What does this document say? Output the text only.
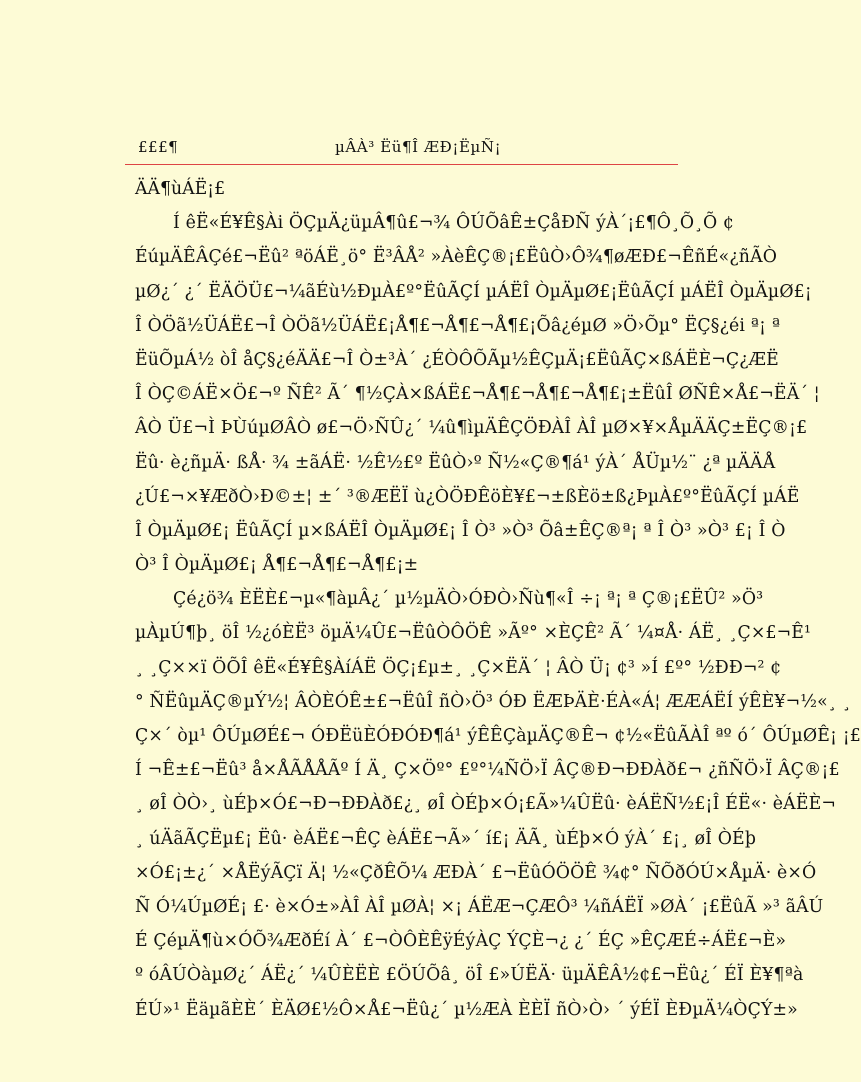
£££¶	µÂÀ³ Ëü¶Î ÆÐ¡ËµÑ¡
ÄÄ¶ùÁË¡£
Í êË«É¥Ê§Ài ÖÇµÄ¿üµÂ¶û£¬¾ ÔÚÕâÊ±ÇåÐÑ ýÀ´¡£¶Ô¸Õ¸Õ ¢
ÉúµÄÊÂÇé£¬Ëû² ªöÁË¸ö° Ë³ÂÅ² »ÀèÊÇ®¡£ËûÒ›Ô¾¶øÆÐ£¬ÊñÉ«¿ñÃÒ
µØ¿´ ¿´ ËÄÖÜ£¬¼ãÉù½ÐµÀ£º°ËûÃÇÍ µÁËÎ ÒµÄµØ£¡ËûÃÇÍ µÁËÎ ÒµÄµØ£¡
Î ÒÖã½ÜÁË£¬Î ÒÖã½ÜÁË£¡Å¶£¬Å¶£¬Å¶£¡Õâ¿éµØ »Ö›Õµ° ËÇ§¿éi ª¡ ª
ËüÕµÁ½ òÎ åÇ§¿éÄÄ£¬Î Ò±³À´ ¿ÉÒÔÕÃµ½ÊÇµÄ¡£ËûÃÇ×ßÁËÈ¬Ç¿ÆË
Î ÒÇ©ÁË×Ö£¬º ÑÊ² Ã´ ¶½ÇÀ×ßÁË£¬Å¶£¬Å¶£¬Å¶£¡±ËûÎ ØÑÊ×Å£¬ËÄ´ ¦
ÂÒ Ü£¬Ì ÞÙúµØÂÒ ø£¬Ö›ÑÛ¿´ ¼û¶ìµÄÊÇÖÐÀÎ ÀÎ µØ×¥×ÅµÄÄÇ±ËÇ®¡£
Ëû· è¿ñµÄ· ßÅ· ¾ ±ãÁË· ½Ê½£º ËûÒ›º Ñ½«Ç®¶á¹ ýÀ´ ÅÜµ½¨ ¿ª µÄÄÅ
¿Ú£¬×¥ÆðÒ›Ð©±¦ ±´ ³®ÆËÏ ù¿ÒÖÐÊöÈ¥£¬±ßÈö±ß¿ÞµÀ£º°ËûÃÇÍ µÁË
Î ÒµÄµØ£¡ ËûÃÇÍ µ×ßÁËÎ ÒµÄµØ£¡ Î Ò³ »Ò³ Õâ±ÊÇ®ª¡ ª Î Ò³ »Ò³ £¡ Î Ò
Ò³ Î ÒµÄµØ£¡ Å¶£¬Å¶£¬Å¶£¡±
Çé¿ö¾ ÈËÈ£¬µ«¶àµÂ¿´ µ½µÄÒ›ÓÐÒ›Ñù¶«Î ÷¡ ª¡ ª Ç®¡£ËÛ² »Ö³
µÀµÚ¶þ¸ öÎ ½¿óÈË³ öµÄ¼Û£¬ËûÒÔÖÊ »Ãº° ×ÈÇÊ² Ã´ ¼¤Å· ÁË¸ ¸Ç×£¬Ê¹
¸ ¸Ç××ï ÖÕÎ êË«É¥Ê§ÀíÁË ÖÇ¡£µ±¸ ¸Ç×ËÄ´ ¦ ÂÒ Ü¡ ¢³ »Í £º° ½ÐÐ¬² ¢
° ÑËûµÄÇ®µÝ½¦ ÂÒÈÓÊ±£¬ËûÎ ñÒ›Ö³ ÓÐ ËÆÞÄÈ·ÉÀ«Á¦ ÆÆÁËÍ ýÊÈ¥¬½«¸ ¸
Ç×´ òµ¹ ÔÚµØÉ£¬ ÓÐËüÈÓÐÓÐ¶á¹ ýÊÊÇàµÄÇ®Ê¬ ¢½«ËûÃÀÎ ªº ó´ ÔÚµØÊ¡ ¡£
Í ¬Ê±£¬Ëû³ å×ÅÃÅÅÃº Í Ä¸ Ç×Öº° £º°¼ÑÖ›Ï ÂÇ®Ð¬ÐÐÀð£¬ ¿ñÑÖ›Ï ÂÇ®¡£
¸ øÎ ÒÒ›¸ ùÉþ×Ó£¬Ð¬ÐÐÀð£¿¸ øÎ ÒÉþ×Ó¡£Ã»¼ÛËû· èÁËÑ½£¡Î ÉË«· èÁËÈ¬
¸ úÄãÃÇËµ£¡ Ëû· èÁË£¬ÊÇ èÁË£¬Ã»´ í£¡ ÄÃ¸ ùÉþ×Ó ýÀ´ £¡¸ øÎ ÒÉþ
×Ó£¡±¿´ ×ÅËýÃÇï Ä¦ ½«ÇðÊÕ¼ ÆÐÀ´ £¬ËûÓÖÖÊ ¾¢° ÑÕðÓÚ×ÅµÄ· è×Ó
Ñ Ó¼ÚµØÉ¡ £· è×Ó±»ÀÎ ÀÎ µØÀ¦ ×¡ ÁËÆ¬ÇÆÔ³ ¼ñÁËÏ »ØÀ´ ¡£ËûÃ »³ ãÂÚ
É ÇéµÄ¶ù×ÓÕ¾ÆðÉí À´ £¬ÒÔÈÊÿÉýÀÇ ÝÇÈ¬¿ ¿´ ÉÇ »ÊÇÆÉ÷ÁË£¬È»
º óÂÚÒàµØ¿´ ÁË¿´ ¼ÛÈËÈ £ÖÚÕâ¸ öÎ £»ÚËÄ· üµÄÊÂ½¢£¬Ëû¿´ ÉÏ È¥¶ªà
ÉÚ»¹ ËäµãÈÈ´ ÈÄØ£½Ô×Å£¬Ëû¿´ µ½ÆÀ ÈÈÏ ñÒ›Ò› ´ ýÉÏ ÈÐµÄ¼ÒÇÝ±»
